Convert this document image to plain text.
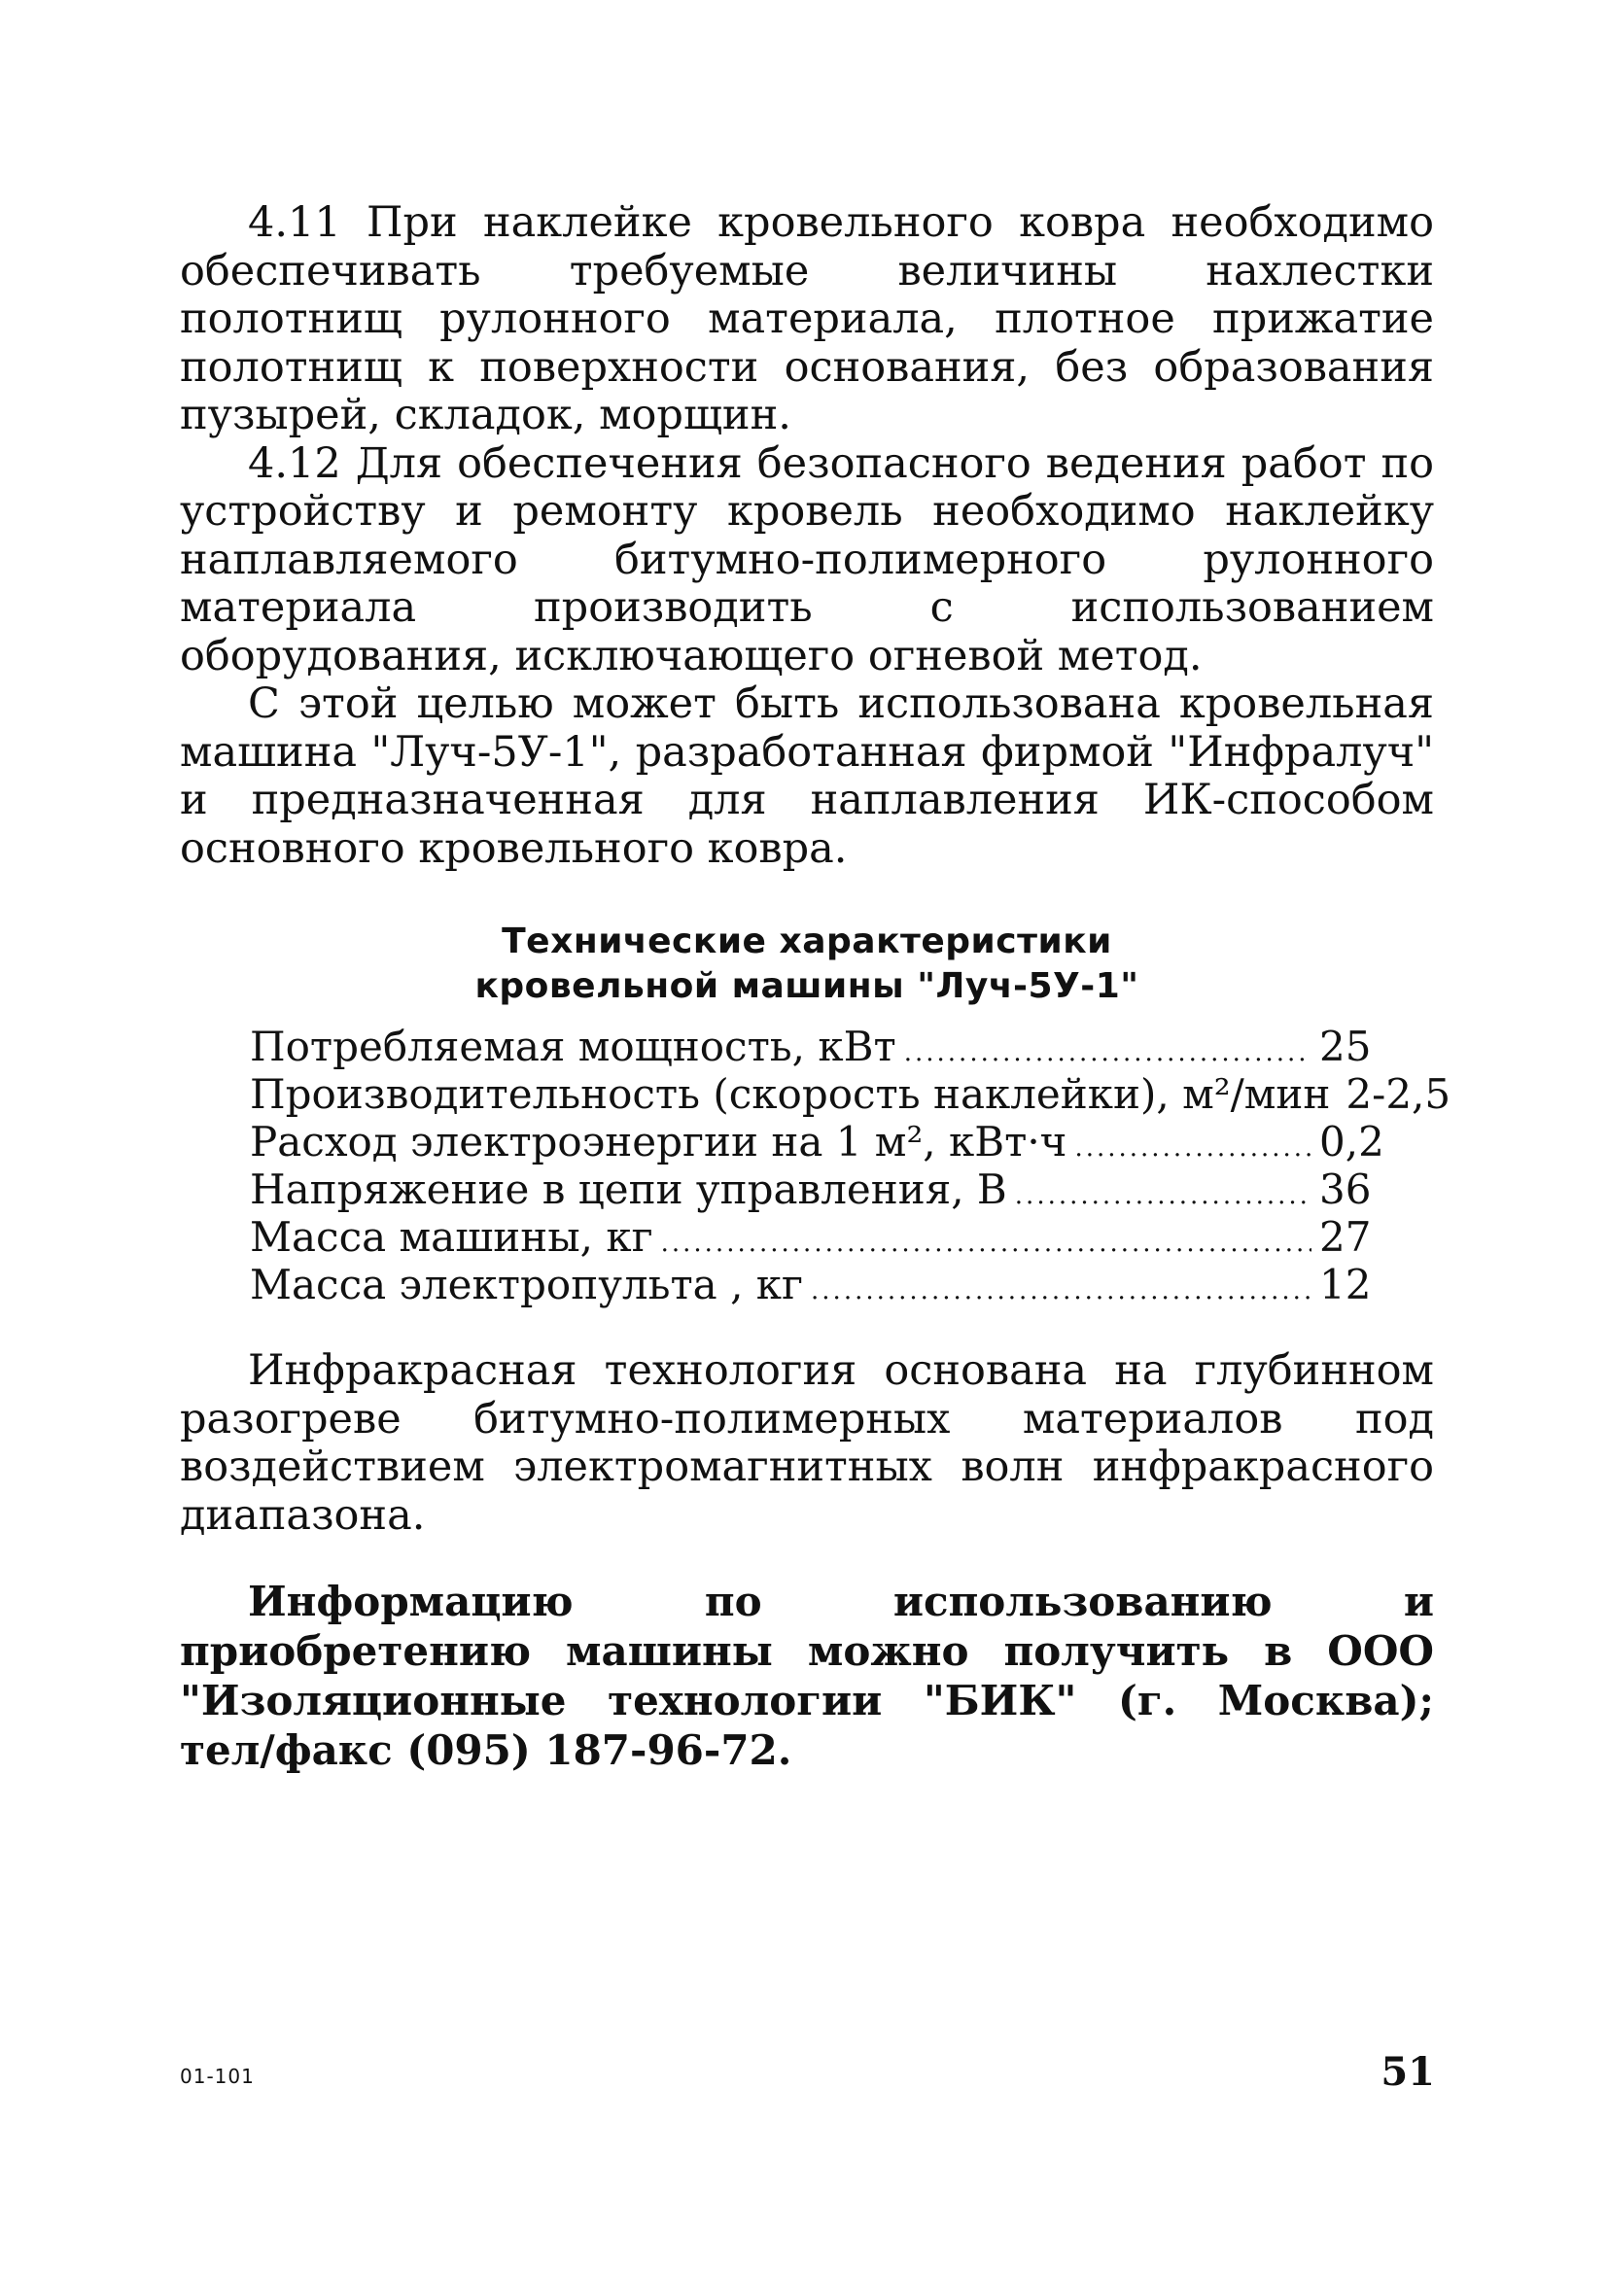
4.11 При наклейке кровельного ковра необходимо обеспечивать требуемые величины нахлестки полотнищ рулонного материала, плотное прижатие полотнищ к поверхности основания, без образования пузырей, складок, морщин.

4.12 Для обеспечения безопасного ведения работ по устройству и ремонту кровель необходимо наклейку наплавляемого битумно-полимерного рулонного материала производить с использованием оборудования, исключающего огневой метод.

С этой целью может быть использована кровельная машина "Луч-5У-1", разработанная фирмой "Инфралуч" и предназначенная для наплавления ИК-способом основного кровельного ковра.

Технические характеристики
кровельной машины "Луч-5У-1"
Потребляемая мощность, кВт .....	25
Производительность (скорость наклейки), м²/мин 2-2,5
Расход электроэнергии на 1 м², кВт·ч .....	0,2
Напряжение в цепи управления, В .....	36
Масса машины, кг .....	27
Масса электропульта , кг .....	12

Инфракрасная технология основана на глубинном разогреве битумно-полимерных материалов под воздействием электромагнитных волн инфракрасного диапазона.

Информацию по использованию и приобретению машины можно получить в ООО "Изоляционные технологии "БИК" (г. Москва); тел/факс (095) 187-96-72.

01-101	51
